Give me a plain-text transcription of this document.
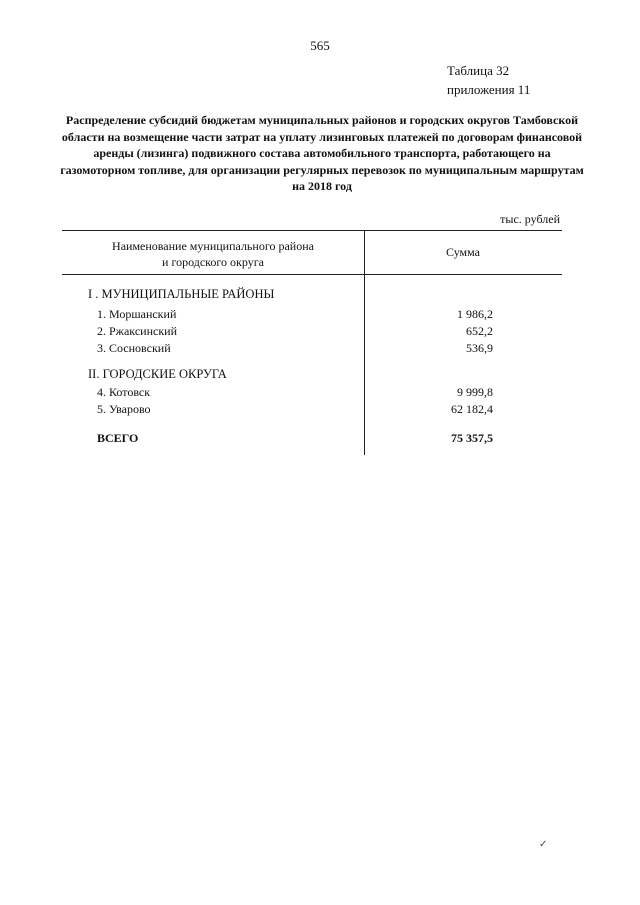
565
Таблица 32
приложения 11
Распределение субсидий бюджетам муниципальных районов и городских округов Тамбовской области на возмещение части затрат на уплату лизинговых платежей по договорам финансовой аренды (лизинга) подвижного состава автомобильного транспорта, работающего на газомоторном топливе, для организации регулярных перевозок по муниципальным маршрутам на 2018 год
тыс. рублей
Наименование муниципального района
и городского округа
Сумма
I . МУНИЦИПАЛЬНЫЕ РАЙОНЫ
1. Моршанский	1 986,2
2. Ржаксинский	652,2
3. Сосновский	536,9
II. ГОРОДСКИЕ ОКРУГА
4. Котовск	9 999,8
5. Уварово	62 182,4
ВСЕГО	75 357,5
✓
